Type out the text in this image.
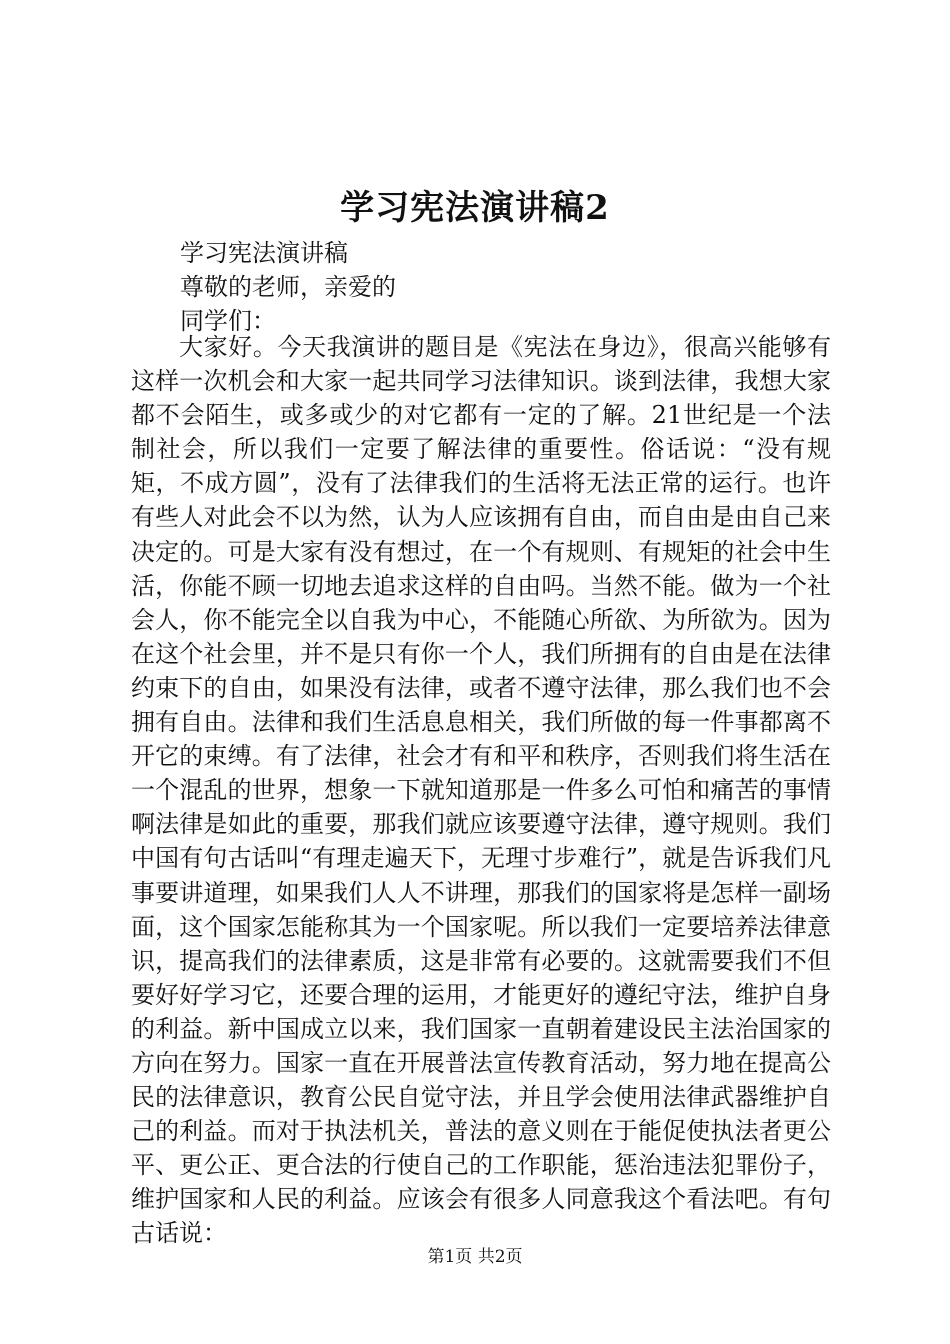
学习宪法演讲稿2
学习宪法演讲稿
尊敬的老师，亲爱的
同学们：
大家好。今天我演讲的题目是《宪法在身边》，很高兴能够有这样一次机会和大家一起共同学习法律知识。谈到法律，我想大家都不会陌生，或多或少的对它都有一定的了解。21世纪是一个法制社会，所以我们一定要了解法律的重要性。俗话说：“没有规矩，不成方圆”，没有了法律我们的生活将无法正常的运行。也许有些人对此会不以为然，认为人应该拥有自由，而自由是由自己来决定的。可是大家有没有想过，在一个有规则、有规矩的社会中生活，你能不顾一切地去追求这样的自由吗。当然不能。做为一个社会人，你不能完全以自我为中心，不能随心所欲、为所欲为。因为在这个社会里，并不是只有你一个人，我们所拥有的自由是在法律约束下的自由，如果没有法律，或者不遵守法律，那么我们也不会拥有自由。法律和我们生活息息相关，我们所做的每一件事都离不开它的束缚。有了法律，社会才有和平和秩序，否则我们将生活在一个混乱的世界，想象一下就知道那是一件多么可怕和痛苦的事情啊法律是如此的重要，那我们就应该要遵守法律，遵守规则。我们中国有句古话叫“有理走遍天下，无理寸步难行”，就是告诉我们凡事要讲道理，如果我们人人不讲理，那我们的国家将是怎样一副场面，这个国家怎能称其为一个国家呢。所以我们一定要培养法律意识，提高我们的法律素质，这是非常有必要的。这就需要我们不但要好好学习它，还要合理的运用，才能更好的遵纪守法，维护自身的利益。新中国成立以来，我们国家一直朝着建设民主法治国家的方向在努力。国家一直在开展普法宣传教育活动，努力地在提高公民的法律意识，教育公民自觉守法，并且学会使用法律武器维护自己的利益。而对于执法机关，普法的意义则在于能促使执法者更公平、更公正、更合法的行使自己的工作职能，惩治违法犯罪份子，维护国家和人民的利益。应该会有很多人同意我这个看法吧。有句古话说：
第1页 共2页
